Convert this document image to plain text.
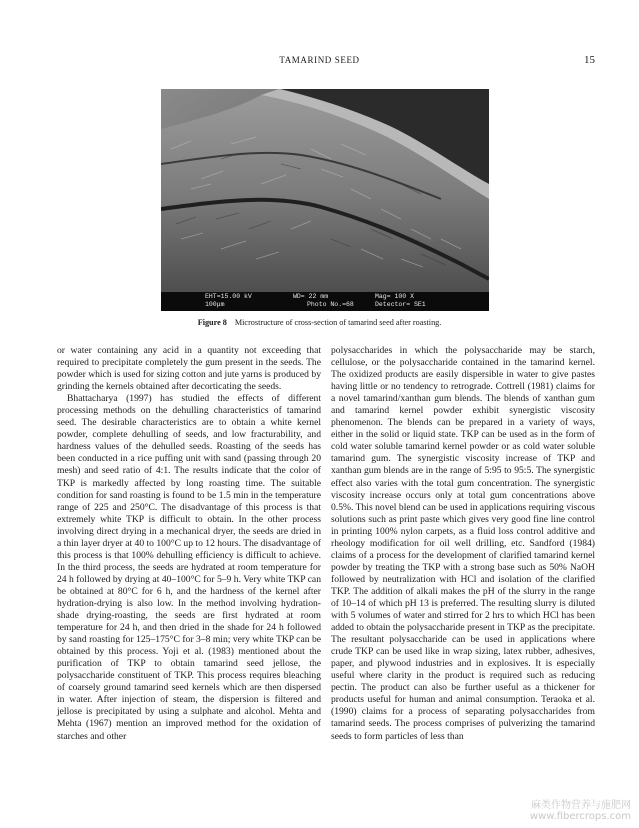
TAMARIND SEED	15
EHT=15.00 kV	WD= 22 mm	Mag= 100 X
100μm	Photo No.=68	Detector= SE1
Figure 8 Microstructure of cross-section of tamarind seed after roasting.

or water containing any acid in a quantity not exceeding that required to precipitate completely the gum present in the seeds. The powder which is used for sizing cotton and jute yarns is produced by grinding the kernels obtained after decorticating the seeds.

Bhattacharya (1997) has studied the effects of different processing methods on the dehulling characteristics of tamarind seed. The desirable characteristics are to obtain a white kernel powder, complete dehulling of seeds, and low fracturability, and hardness values of the dehulled seeds. Roasting of the seeds has been conducted in a rice puffing unit with sand (passing through 20 mesh) and seed ratio of 4:1. The results indicate that the color of TKP is markedly affected by long roasting time. The suitable condition for sand roasting is found to be 1.5 min in the temperature range of 225 and 250°C. The disadvantage of this process is that extremely white TKP is difficult to obtain. In the other process involving direct drying in a mechanical dryer, the seeds are dried in a thin layer dryer at 40 to 100°C up to 12 hours. The disadvantage of this process is that 100% dehulling efficiency is difficult to achieve. In the third process, the seeds are hydrated at room temperature for 24 h followed by drying at 40–100°C for 5–9 h. Very white TKP can be obtained at 80°C for 6 h, and the hardness of the kernel after hydration-drying is also low. In the method involving hydration-shade drying-roasting, the seeds are first hydrated at room temperature for 24 h, and then dried in the shade for 24 h followed by sand roasting for 125–175°C for 3–8 min; very white TKP can be obtained by this process. Yoji et al. (1983) mentioned about the purification of TKP to obtain tamarind seed jellose, the polysaccharide constituent of TKP. This process requires bleaching of coarsely ground tamarind seed kernels which are then dispersed in water. After injection of steam, the dispersion is filtered and jellose is precipitated by using a sulphate and alcohol. Mehta and Mehta (1967) mention an improved method for the oxidation of starches and other

polysaccharides in which the polysaccharide may be starch, cellulose, or the polysaccharide contained in the tamarind kernel. The oxidized products are easily dispersible in water to give pastes having little or no tendency to retrograde. Cottrell (1981) claims for a novel tamarind/xanthan gum blends. The blends of xanthan gum and tamarind kernel powder exhibit synergistic viscosity phenomenon. The blends can be prepared in a variety of ways, either in the solid or liquid state. TKP can be used as in the form of cold water soluble tamarind kernel powder or as cold water soluble tamarind gum. The synergistic viscosity increase of TKP and xanthan gum blends are in the range of 5:95 to 95:5. The synergistic effect also varies with the total gum concentration. The synergistic viscosity increase occurs only at total gum concentrations above 0.5%. This novel blend can be used in applications requiring viscous solutions such as print paste which gives very good fine line control in printing 100% nylon carpets, as a fluid loss control additive and rheology modification for oil well drilling, etc. Sandford (1984) claims of a process for the development of clarified tamarind kernel powder by treating the TKP with a strong base such as 50% NaOH followed by neutralization with HCl and isolation of the clarified TKP. The addition of alkali makes the pH of the slurry in the range of 10–14 of which pH 13 is preferred. The resulting slurry is diluted with 5 volumes of water and stirred for 2 hrs to which HCl has been added to obtain the polysaccharide present in TKP as the precipitate. The resultant polysaccharide can be used in applications where crude TKP can be used like in wrap sizing, latex rubber, adhesives, paper, and plywood industries and in explosives. It is especially useful where clarity in the product is required such as reducing pectin. The product can also be further useful as a thickener for products useful for human and animal consumption. Teraoka et al. (1990) claims for a process of separating polysaccharides from tamarind seeds. The process comprises of pulverizing the tamarind seeds to form particles of less than

麻类作物营养与施肥网
www.fibercrops.com
